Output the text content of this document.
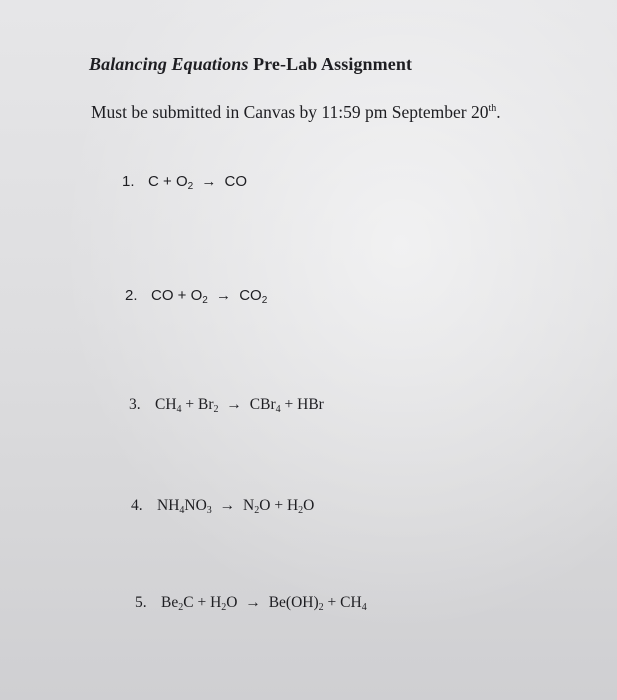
Balancing Equations Pre-Lab Assignment
Must be submitted in Canvas by 11:59 pm September 20th.
1. $C + O_2$ → CO
2. CO + $O_2 \to CO_2$
3. $CH_4 + Br_2 \to CBr_4$ + HBr
4. $NH_4NO_3 \to N_2O + H_2O$
5. $Be_2C + H_2O \to Be(OH)_2 + CH_4$
